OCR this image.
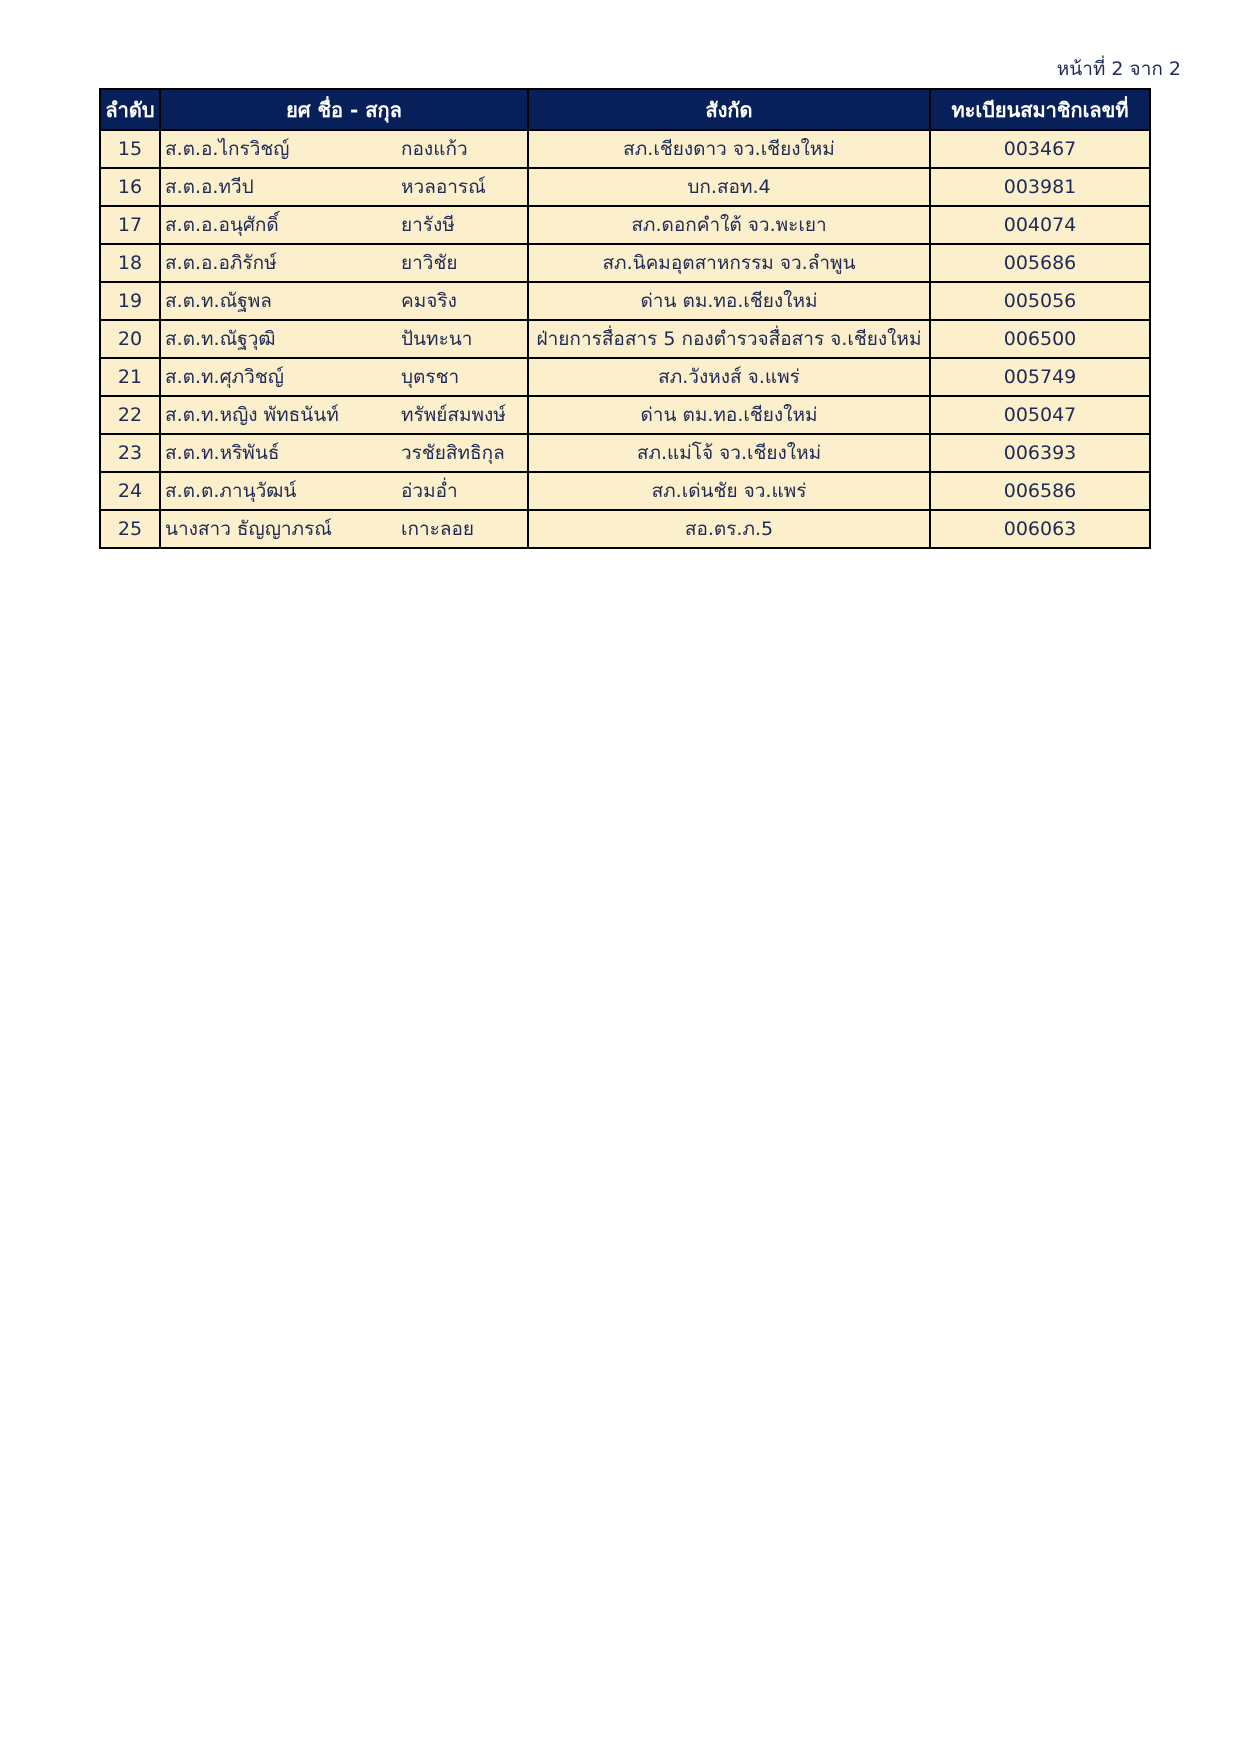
หน้าที่ 2 จาก 2
ลำดับ	ยศ ชื่อ - สกุล	สังกัด	ทะเบียนสมาชิกเลขที่
15	ส.ต.อ.ไกรวิชญ์ กองแก้ว	สภ.เชียงดาว จว.เชียงใหม่	003467
16	ส.ต.อ.ทวีป หวลอารณ์	บก.สอท.4	003981
17	ส.ต.อ.อนุศักดิ์ ยารังษี	สภ.ดอกคำใต้ จว.พะเยา	004074
18	ส.ต.อ.อภิรักษ์ ยาวิชัย	สภ.นิคมอุตสาหกรรม จว.ลำพูน	005686
19	ส.ต.ท.ณัฐพล คมจริง	ด่าน ตม.ทอ.เชียงใหม่	005056
20	ส.ต.ท.ณัฐวุฒิ ปันทะนา	ฝ่ายการสื่อสาร 5 กองตำรวจสื่อสาร จ.เชียงใหม่	006500
21	ส.ต.ท.ศุภวิชญ์ บุตรชา	สภ.วังหงส์ จ.แพร่	005749
22	ส.ต.ท.หญิง พัทธนันท์ ทรัพย์สมพงษ์	ด่าน ตม.ทอ.เชียงใหม่	005047
23	ส.ต.ท.หริพันธ์ วรชัยสิทธิกุล	สภ.แม่โจ้ จว.เชียงใหม่	006393
24	ส.ต.ต.ภานุวัฒน์ อ่วมอ่ำ	สภ.เด่นชัย จว.แพร่	006586
25	นางสาว ธัญญาภรณ์ เกาะลอย	สอ.ตร.ภ.5	006063
